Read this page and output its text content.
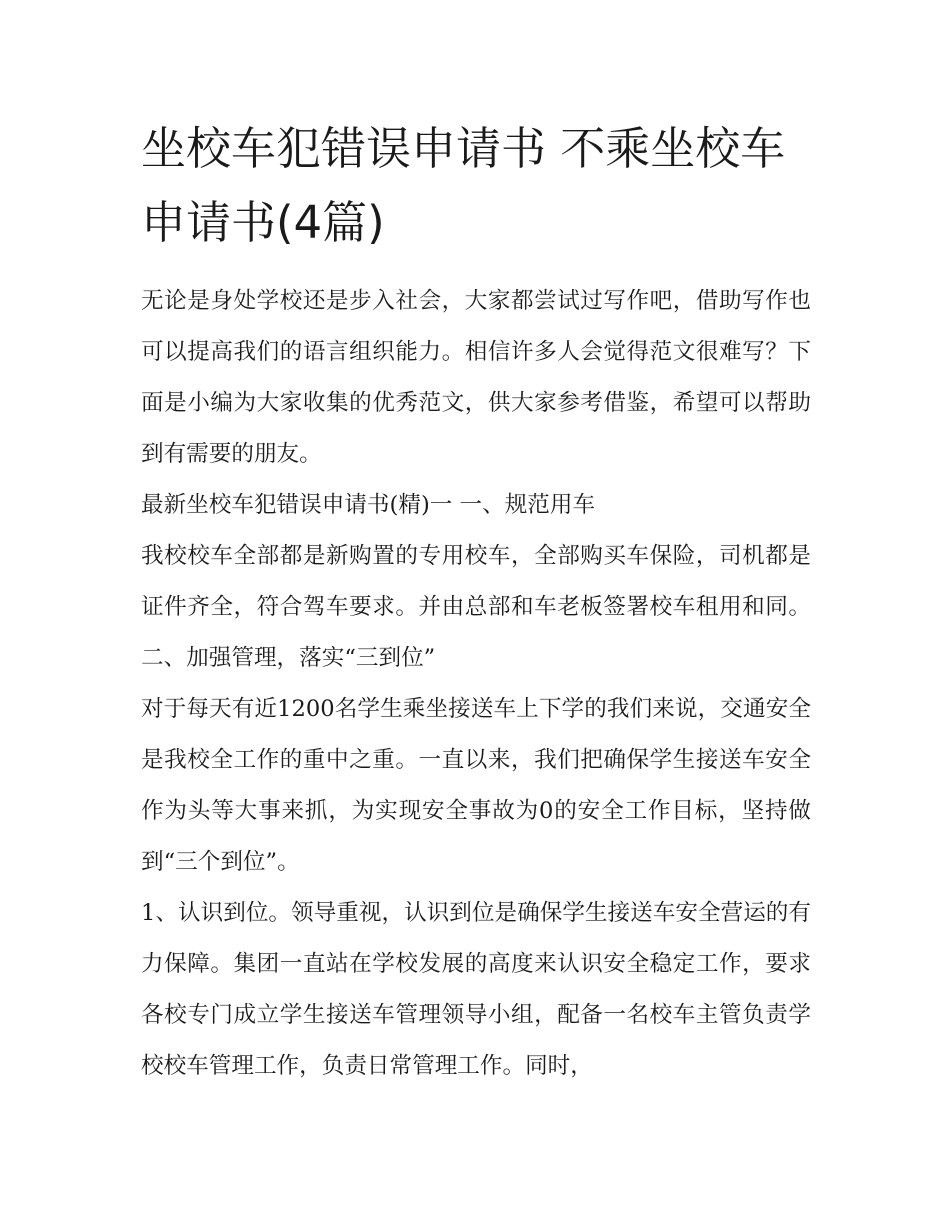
坐校车犯错误申请书 不乘坐校车申请书(4篇)

无论是身处学校还是步入社会，大家都尝试过写作吧，借助写作也可以提高我们的语言组织能力。相信许多人会觉得范文很难写？下面是小编为大家收集的优秀范文，供大家参考借鉴，希望可以帮助到有需要的朋友。

最新坐校车犯错误申请书(精)一 一、规范用车

我校校车全部都是新购置的专用校车，全部购买车保险，司机都是证件齐全，符合驾车要求。并由总部和车老板签署校车租用和同。 二、加强管理，落实“三到位”

对于每天有近1200名学生乘坐接送车上下学的我们来说，交通安全是我校全工作的重中之重。一直以来，我们把确保学生接送车安全作为头等大事来抓，为实现安全事故为0的安全工作目标，坚持做到“三个到位”。

1、认识到位。领导重视，认识到位是确保学生接送车安全营运的有力保障。集团一直站在学校发展的高度来认识安全稳定工作，要求各校专门成立学生接送车管理领导小组，配备一名校车主管负责学校校车管理工作，负责日常管理工作。同时，
